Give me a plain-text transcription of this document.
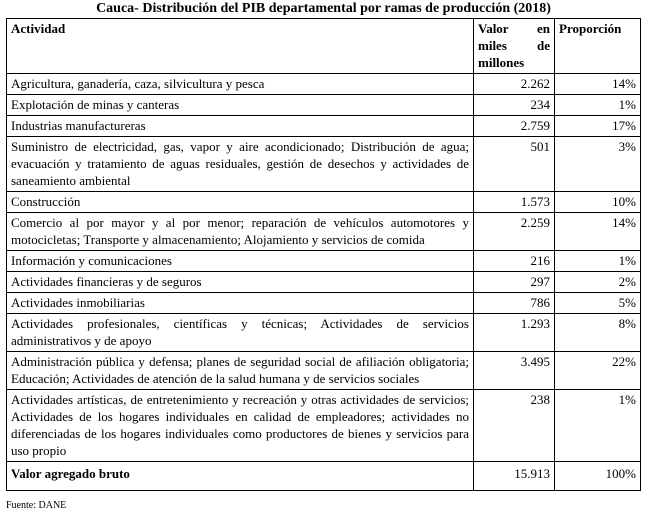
Cauca- Distribución del PIB departamental por ramas de producción (2018)
Actividad	Valor en miles de millones	Proporción
Agricultura, ganadería, caza, silvicultura y pesca	2.262	14%
Explotación de minas y canteras	234	1%
Industrias manufactureras	2.759	17%
Suministro de electricidad, gas, vapor y aire acondicionado; Distribución de agua; evacuación y tratamiento de aguas residuales, gestión de desechos y actividades de saneamiento ambiental	501	3%
Construcción	1.573	10%
Comercio al por mayor y al por menor; reparación de vehículos automotores y motocicletas; Transporte y almacenamiento; Alojamiento y servicios de comida	2.259	14%
Información y comunicaciones	216	1%
Actividades financieras y de seguros	297	2%
Actividades inmobiliarias	786	5%
Actividades profesionales, científicas y técnicas; Actividades de servicios administrativos y de apoyo	1.293	8%
Administración pública y defensa; planes de seguridad social de afiliación obligatoria; Educación; Actividades de atención de la salud humana y de servicios sociales	3.495	22%
Actividades artísticas, de entretenimiento y recreación y otras actividades de servicios; Actividades de los hogares individuales en calidad de empleadores; actividades no diferenciadas de los hogares individuales como productores de bienes y servicios para uso propio	238	1%
Valor agregado bruto	15.913	100%
Fuente: DANE
